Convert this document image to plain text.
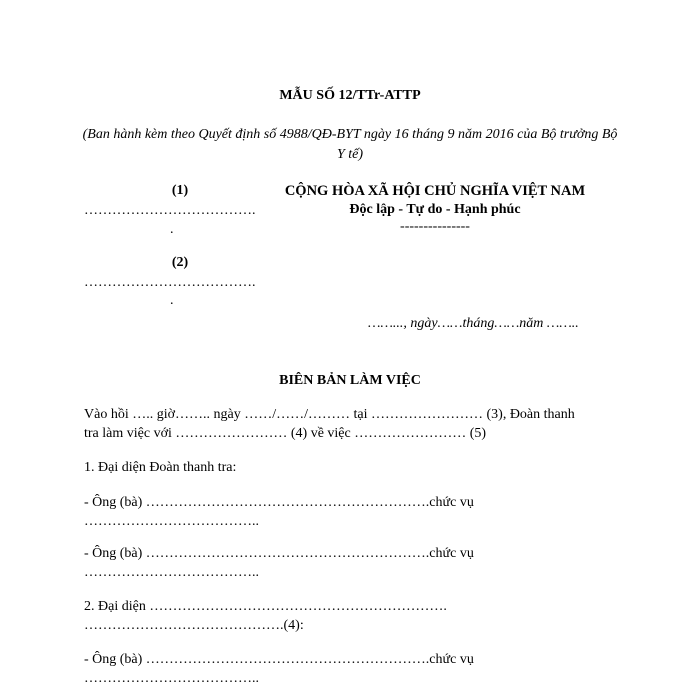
MẪU SỐ 12/TTr-ATTP
(Ban hành kèm theo Quyết định số 4988/QĐ-BYT ngày 16 tháng 9 năm 2016 của Bộ trưởng Bộ Y tế)
(1)
……………………………….
.
(2)
……………………………….
.
CỘNG HÒA XÃ HỘI CHỦ NGHĨA VIỆT NAM
Độc lập - Tự do - Hạnh phúc
---------------
……..., ngày……tháng……năm ……..
BIÊN BẢN LÀM VIỆC
Vào hồi ….. giờ…….. ngày ……/……/……… tại …………………… (3), Đoàn thanh
tra làm việc với …………………… (4) về việc …………………… (5)
1. Đại diện Đoàn thanh tra:
- Ông (bà) …………………………………………………….chức vụ
………………………………..
- Ông (bà) …………………………………………………….chức vụ
………………………………..
2. Đại diện ……………………………………………………….
…………………………………….(4):
- Ông (bà) …………………………………………………….chức vụ
………………………………..
